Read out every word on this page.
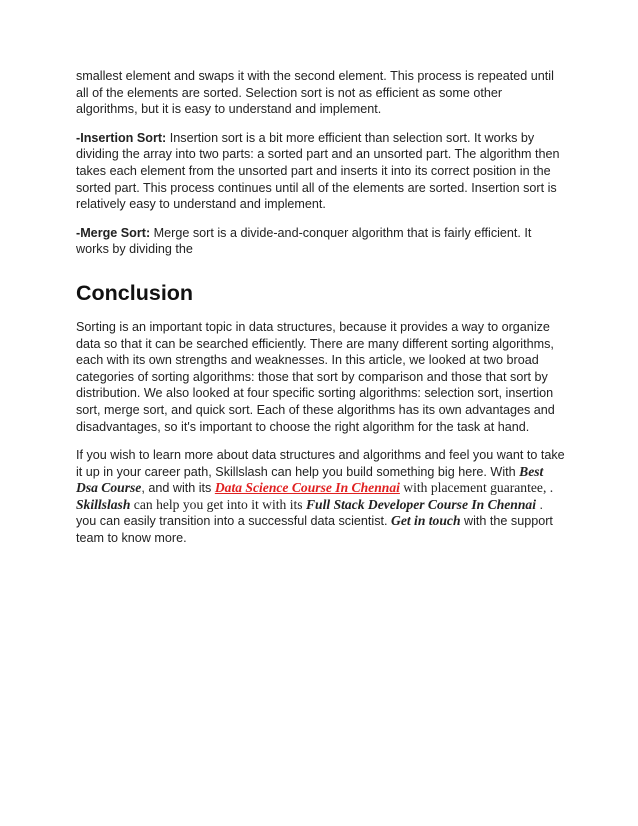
smallest element and swaps it with the second element. This process is repeated until all of the elements are sorted. Selection sort is not as efficient as some other algorithms, but it is easy to understand and implement.

-Insertion Sort: Insertion sort is a bit more efficient than selection sort. It works by dividing the array into two parts: a sorted part and an unsorted part. The algorithm then takes each element from the unsorted part and inserts it into its correct position in the sorted part. This process continues until all of the elements are sorted. Insertion sort is relatively easy to understand and implement.

-Merge Sort: Merge sort is a divide-and-conquer algorithm that is fairly efficient. It works by dividing the

Conclusion

Sorting is an important topic in data structures, because it provides a way to organize data so that it can be searched efficiently. There are many different sorting algorithms, each with its own strengths and weaknesses. In this article, we looked at two broad categories of sorting algorithms: those that sort by comparison and those that sort by distribution. We also looked at four specific sorting algorithms: selection sort, insertion sort, merge sort, and quick sort. Each of these algorithms has its own advantages and disadvantages, so it's important to choose the right algorithm for the task at hand.

If you wish to learn more about data structures and algorithms and feel you want to take it up in your career path, Skillslash can help you build something big here. With Best Dsa Course, and with its Data Science Course In Chennai with placement guarantee, . Skillslash can help you get into it with its Full Stack Developer Course In Chennai . you can easily transition into a successful data scientist. Get in touch with the support team to know more.
